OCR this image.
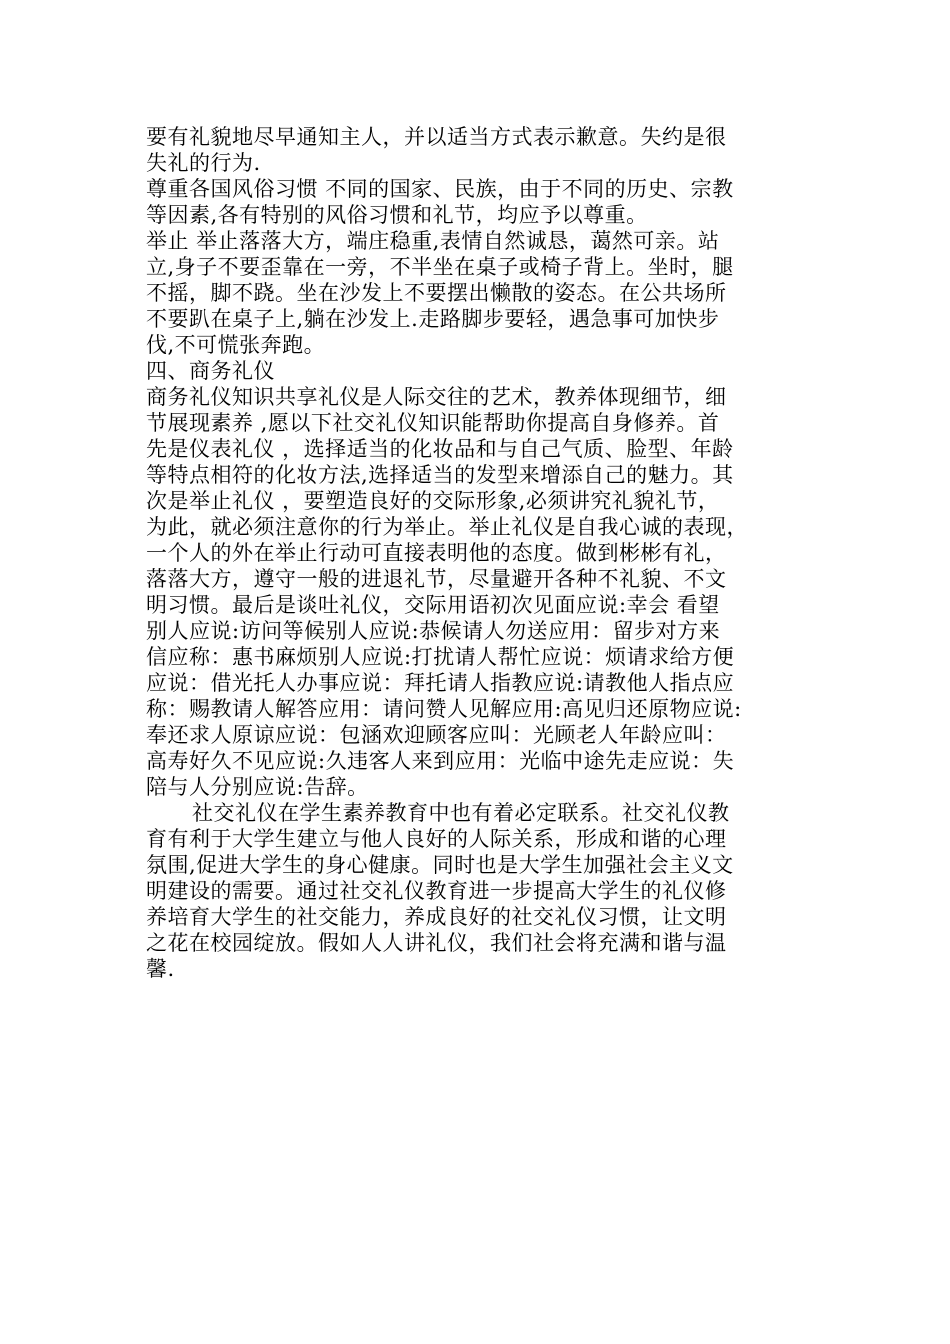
要有礼貌地尽早通知主人，并以适当方式表示歉意。失约是很
失礼的行为.
尊重各国风俗习惯 不同的国家、民族，由于不同的历史、宗教
等因素,各有特别的风俗习惯和礼节，均应予以尊重。
举止 举止落落大方，端庄稳重,表情自然诚恳，蔼然可亲。站
立,身子不要歪靠在一旁，不半坐在桌子或椅子背上。坐时，腿
不摇，脚不跷。坐在沙发上不要摆出懒散的姿态。在公共场所
不要趴在桌子上,躺在沙发上.走路脚步要轻，遇急事可加快步
伐,不可慌张奔跑。
四、商务礼仪
商务礼仪知识共享礼仪是人际交往的艺术，教养体现细节，细
节展现素养 ,愿以下社交礼仪知识能帮助你提高自身修养。首
先是仪表礼仪 ，选择适当的化妆品和与自己气质、脸型、年龄
等特点相符的化妆方法,选择适当的发型来增添自己的魅力。其
次是举止礼仪 ，要塑造良好的交际形象,必须讲究礼貌礼节，
为此，就必须注意你的行为举止。举止礼仪是自我心诚的表现，
一个人的外在举止行动可直接表明他的态度。做到彬彬有礼，
落落大方，遵守一般的进退礼节，尽量避开各种不礼貌、不文
明习惯。最后是谈吐礼仪，交际用语初次见面应说:幸会 看望
别人应说:访问等候别人应说:恭候请人勿送应用：留步对方来
信应称：惠书麻烦别人应说:打扰请人帮忙应说：烦请求给方便
应说：借光托人办事应说：拜托请人指教应说:请教他人指点应
称：赐教请人解答应用：请问赞人见解应用:高见归还原物应说:
奉还求人原谅应说：包涵欢迎顾客应叫：光顾老人年龄应叫：
高寿好久不见应说:久违客人来到应用：光临中途先走应说：失
陪与人分别应说:告辞。
社交礼仪在学生素养教育中也有着必定联系。社交礼仪教
育有利于大学生建立与他人良好的人际关系，形成和谐的心理
氛围,促进大学生的身心健康。同时也是大学生加强社会主义文
明建设的需要。通过社交礼仪教育进一步提高大学生的礼仪修
养培育大学生的社交能力，养成良好的社交礼仪习惯，让文明
之花在校园绽放。假如人人讲礼仪，我们社会将充满和谐与温
馨.
